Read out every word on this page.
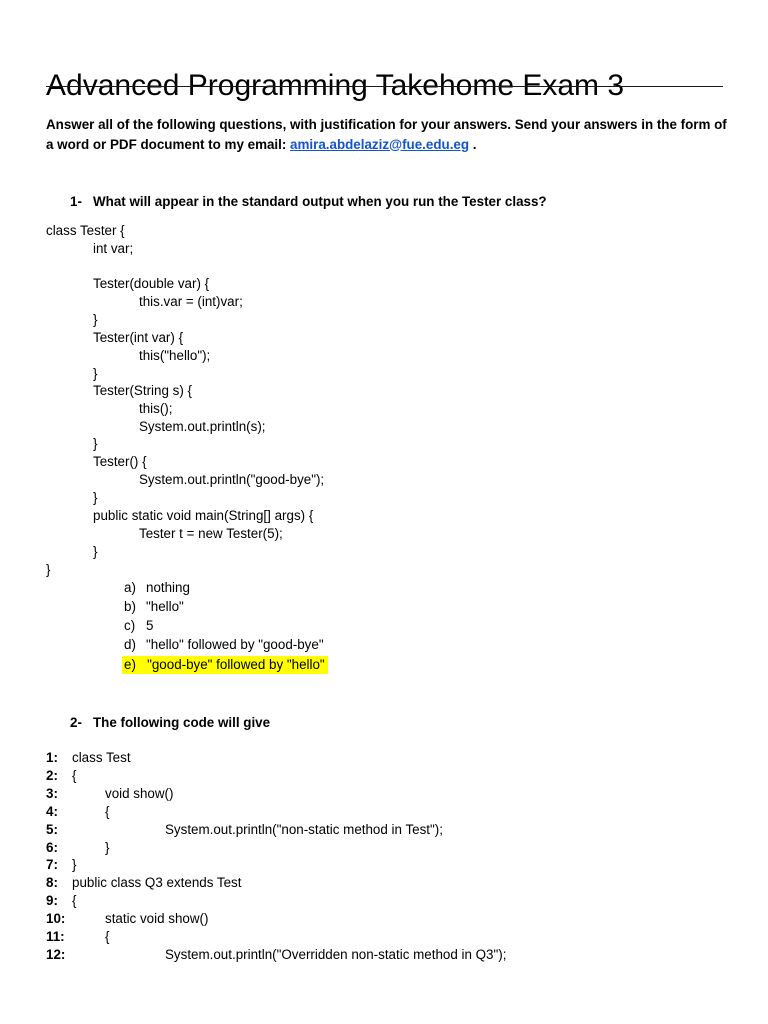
Advanced Programming Takehome Exam 3

Answer all of the following questions, with justification for your answers. Send your answers in the form of a word or PDF document to my email: amira.abdelaziz@fue.edu.eg .

1- What will appear in the standard output when you run the Tester class?
class Tester {
int var;
Tester(double var) {
this.var = (int)var;
}
Tester(int var) {
this("hello");
}
Tester(String s) {
this();
System.out.println(s);
}
Tester() {
System.out.println("good-bye");
}
public static void main(String[] args) {
Tester t = new Tester(5);
}
}
a) nothing
b) "hello"
c) 5
d) "hello" followed by "good-bye"
e) "good-bye" followed by "hello"
2- The following code will give
1: class Test
2: {
3:	void show()
4:	{
5:	System.out.println("non-static method in Test");
6:	}
7: }
8: public class Q3 extends Test
9: {
10:	static void show()
11:	{
12:	System.out.println("Overridden non-static method in Q3");
